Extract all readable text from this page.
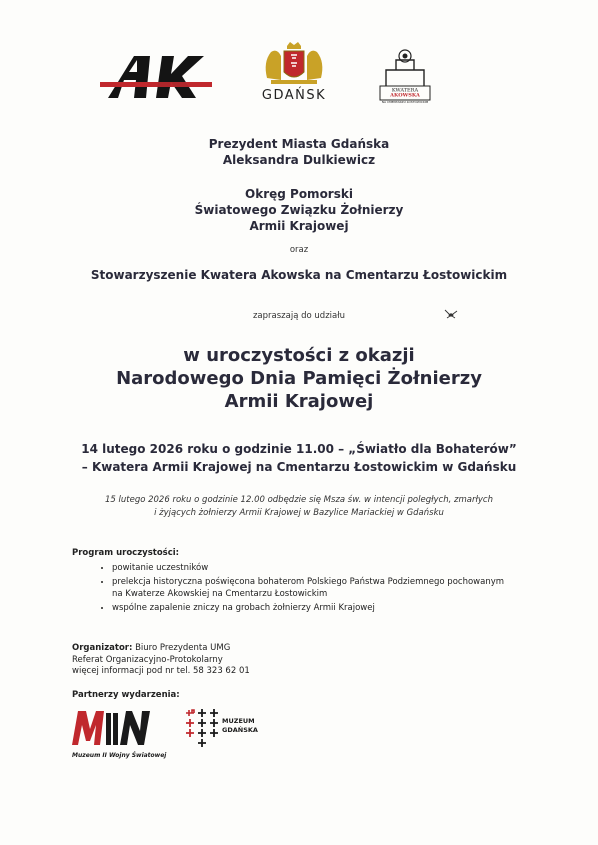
GDAŃSK	KWATERA
AKOWSKA
NA CMENTARZU ŁOSTOWICKIM
Prezydent Miasta Gdańska
Aleksandra Dulkiewicz
Okręg Pomorski
Światowego Związku Żołnierzy
Armii Krajowej
oraz
Stowarzyszenie Kwatera Akowska na Cmentarzu Łostowickim
zapraszają do udziału
w uroczystości z okazji
Narodowego Dnia Pamięci Żołnierzy
Armii Krajowej
14 lutego 2026 roku o godzinie 11.00 – „Światło dla Bohaterów”
– Kwatera Armii Krajowej na Cmentarzu Łostowickim w Gdańsku
15 lutego 2026 roku o godzinie 12.00 odbędzie się Msza św. w intencji poległych, zmarłych
i żyjących żołnierzy Armii Krajowej w Bazylice Mariackiej w Gdańsku
Program uroczystości:
• powitanie uczestników
• prelekcja historyczna poświęcona bohaterom Polskiego Państwa Podziemnego pochowanym
na Kwaterze Akowskiej na Cmentarzu Łostowickim
• wspólne zapalenie zniczy na grobach żołnierzy Armii Krajowej
Organizator: Biuro Prezydenta UMG
Referat Organizacyjno-Protokolarny
więcej informacji pod nr tel. 58 323 62 01
Partnerzy wydarzenia:
Muzeum II Wojny Światowej
MUZEUM
GDAŃSKA
